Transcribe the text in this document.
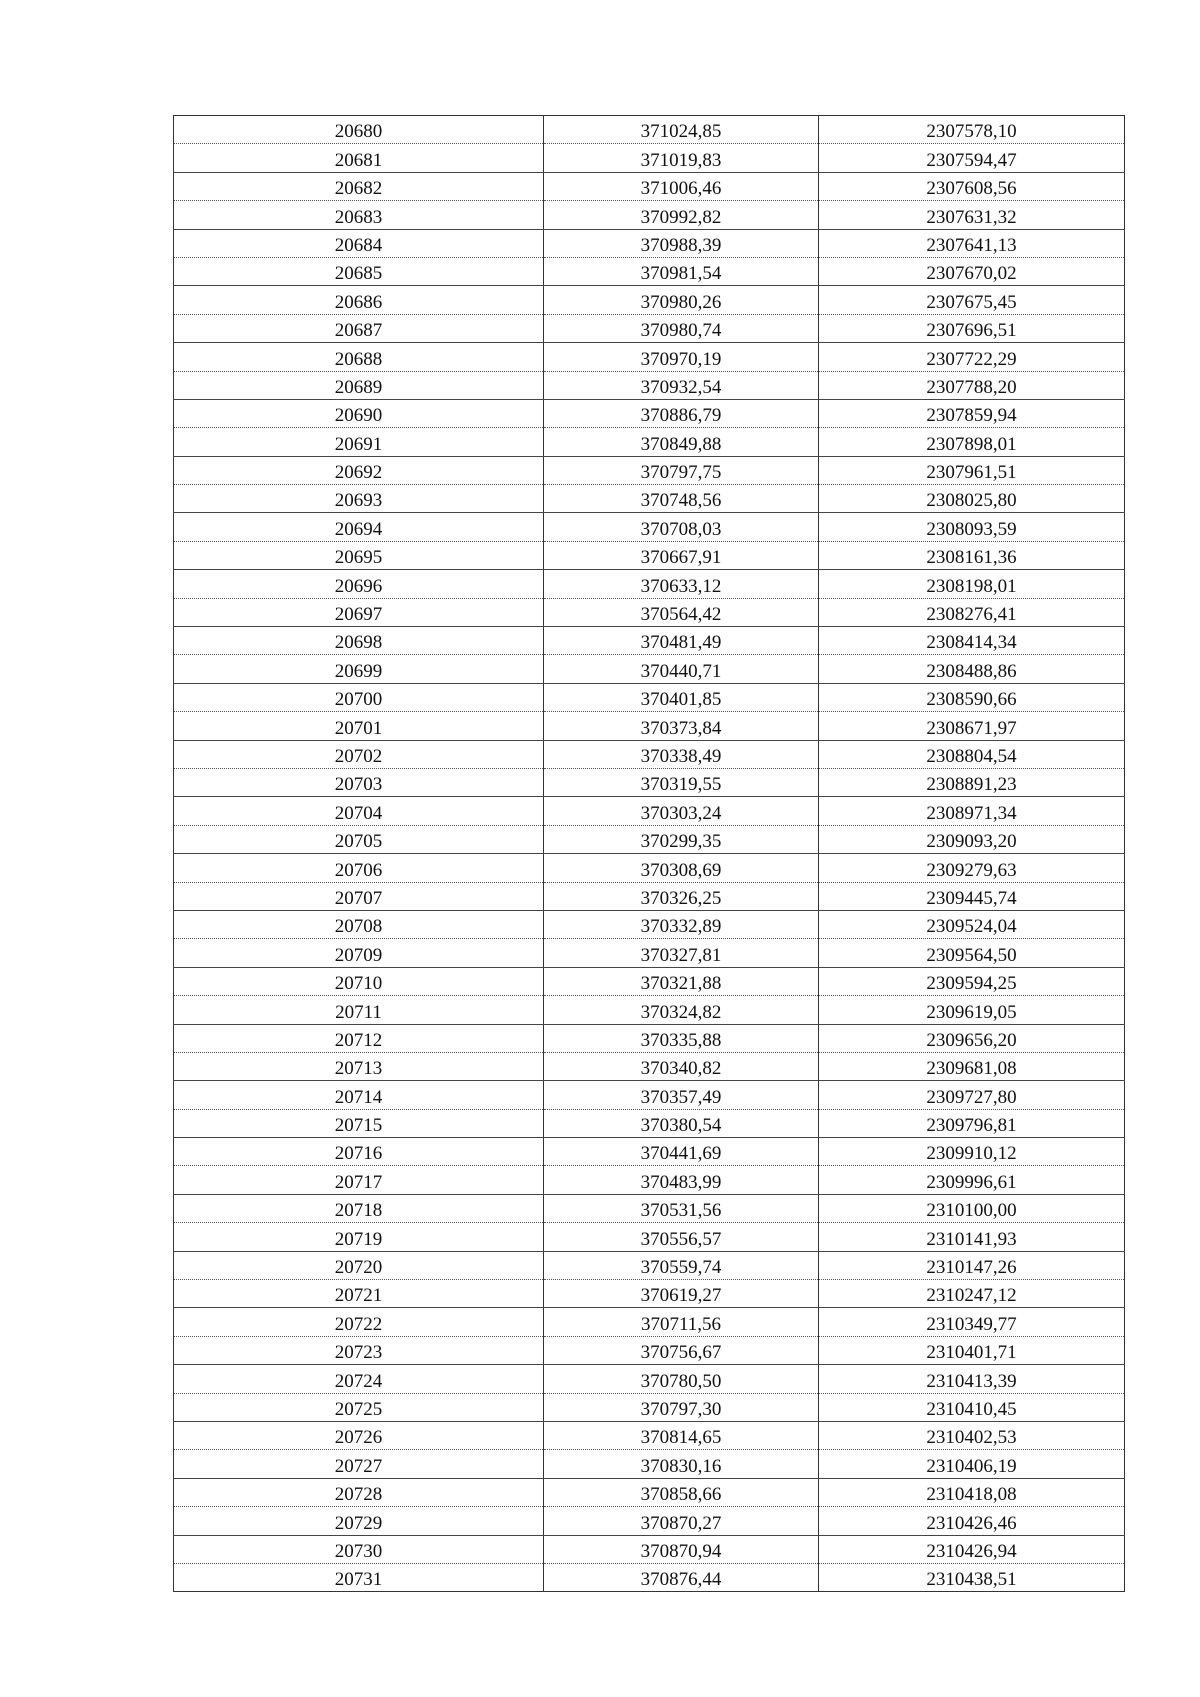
20680	371024,85	2307578,10
20681	371019,83	2307594,47
20682	371006,46	2307608,56
20683	370992,82	2307631,32
20684	370988,39	2307641,13
20685	370981,54	2307670,02
20686	370980,26	2307675,45
20687	370980,74	2307696,51
20688	370970,19	2307722,29
20689	370932,54	2307788,20
20690	370886,79	2307859,94
20691	370849,88	2307898,01
20692	370797,75	2307961,51
20693	370748,56	2308025,80
20694	370708,03	2308093,59
20695	370667,91	2308161,36
20696	370633,12	2308198,01
20697	370564,42	2308276,41
20698	370481,49	2308414,34
20699	370440,71	2308488,86
20700	370401,85	2308590,66
20701	370373,84	2308671,97
20702	370338,49	2308804,54
20703	370319,55	2308891,23
20704	370303,24	2308971,34
20705	370299,35	2309093,20
20706	370308,69	2309279,63
20707	370326,25	2309445,74
20708	370332,89	2309524,04
20709	370327,81	2309564,50
20710	370321,88	2309594,25
20711	370324,82	2309619,05
20712	370335,88	2309656,20
20713	370340,82	2309681,08
20714	370357,49	2309727,80
20715	370380,54	2309796,81
20716	370441,69	2309910,12
20717	370483,99	2309996,61
20718	370531,56	2310100,00
20719	370556,57	2310141,93
20720	370559,74	2310147,26
20721	370619,27	2310247,12
20722	370711,56	2310349,77
20723	370756,67	2310401,71
20724	370780,50	2310413,39
20725	370797,30	2310410,45
20726	370814,65	2310402,53
20727	370830,16	2310406,19
20728	370858,66	2310418,08
20729	370870,27	2310426,46
20730	370870,94	2310426,94
20731	370876,44	2310438,51
